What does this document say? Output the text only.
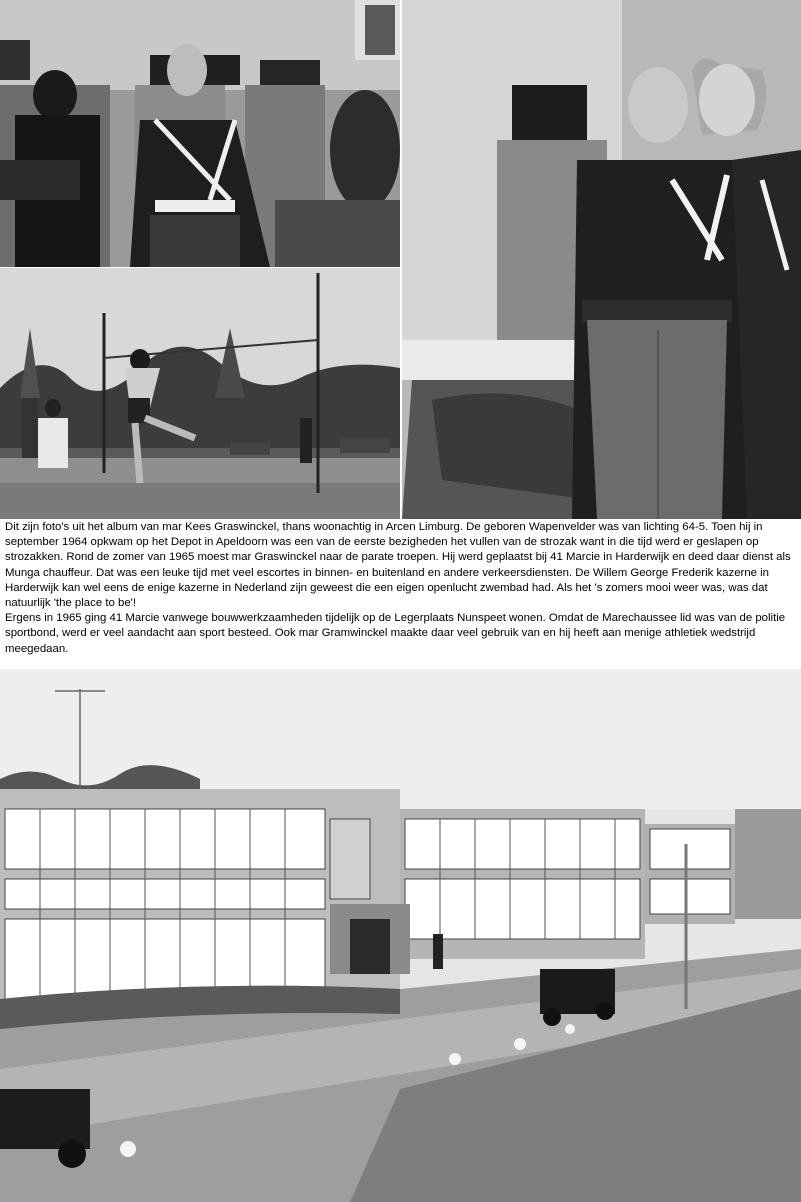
Dit zijn foto's uit het album van mar Kees Graswinckel, thans woonachtig in Arcen Limburg. De geboren Wapenvelder was van lichting 64-5. Toen hij in september 1964 opkwam op het Depot in Apeldoorn was een van de eerste bezigheden het vullen van de strozak want in die tijd werd er geslapen op strozakken. Rond de zomer van 1965 moest mar Graswinckel naar de parate troepen. Hij werd geplaatst bij 41 Marcie in Harderwijk en deed daar dienst als Munga chauffeur. Dat was een leuke tijd met veel escortes in binnen- en buitenland en andere verkeersdiensten. De Willem George Frederik kazerne in Harderwijk kan wel eens de enige kazerne in Nederland zijn geweest die een eigen openlucht zwembad had. Als het 's zomers mooi weer was, was dat natuurlijk 'the place to be'!

Ergens in 1965 ging 41 Marcie vanwege bouwwerkzaamheden tijdelijk op de Legerplaats Nunspeet wonen. Omdat de Marechaussee lid was van de politie sportbond, werd er veel aandacht aan sport besteed. Ook mar Gramwinckel maakte daar veel gebruik van en hij heeft aan menige athletiek wedstrijd meegedaan.
